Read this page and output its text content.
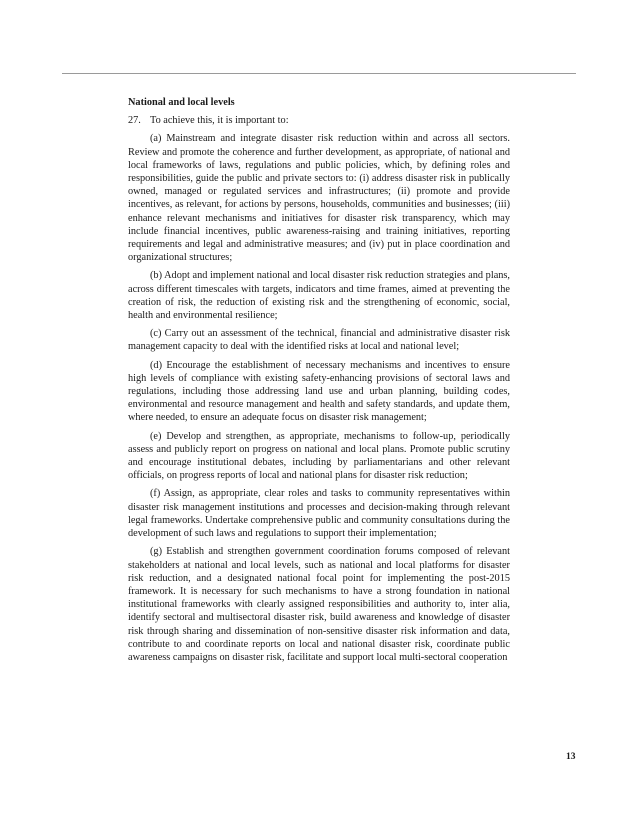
National and local levels

27. To achieve this, it is important to:

(a) Mainstream and integrate disaster risk reduction within and across all sectors. Review and promote the coherence and further development, as appropriate, of national and local frameworks of laws, regulations and public policies, which, by defining roles and responsibilities, guide the public and private sectors to: (i) address disaster risk in publically owned, managed or regulated services and infrastructures; (ii) promote and provide incentives, as relevant, for actions by persons, households, communities and businesses; (iii) enhance relevant mechanisms and initiatives for disaster risk transparency, which may include financial incentives, public awareness-raising and training initiatives, reporting requirements and legal and administrative measures; and (iv) put in place coordination and organizational structures;

(b) Adopt and implement national and local disaster risk reduction strategies and plans, across different timescales with targets, indicators and time frames, aimed at preventing the creation of risk, the reduction of existing risk and the strengthening of economic, social, health and environmental resilience;

(c) Carry out an assessment of the technical, financial and administrative disaster risk management capacity to deal with the identified risks at local and national level;

(d) Encourage the establishment of necessary mechanisms and incentives to ensure high levels of compliance with existing safety-enhancing provisions of sectoral laws and regulations, including those addressing land use and urban planning, building codes, environmental and resource management and health and safety standards, and update them, where needed, to ensure an adequate focus on disaster risk management;

(e) Develop and strengthen, as appropriate, mechanisms to follow-up, periodically assess and publicly report on progress on national and local plans. Promote public scrutiny and encourage institutional debates, including by parliamentarians and other relevant officials, on progress reports of local and national plans for disaster risk reduction;

(f) Assign, as appropriate, clear roles and tasks to community representatives within disaster risk management institutions and processes and decision-making through relevant legal frameworks. Undertake comprehensive public and community consultations during the development of such laws and regulations to support their implementation;

(g) Establish and strengthen government coordination forums composed of relevant stakeholders at national and local levels, such as national and local platforms for disaster risk reduction, and a designated national focal point for implementing the post-2015 framework. It is necessary for such mechanisms to have a strong foundation in national institutional frameworks with clearly assigned responsibilities and authority to, inter alia, identify sectoral and multisectoral disaster risk, build awareness and knowledge of disaster risk through sharing and dissemination of non-sensitive disaster risk information and data, contribute to and coordinate reports on local and national disaster risk, coordinate public awareness campaigns on disaster risk, facilitate and support local multi-sectoral cooperation

13
